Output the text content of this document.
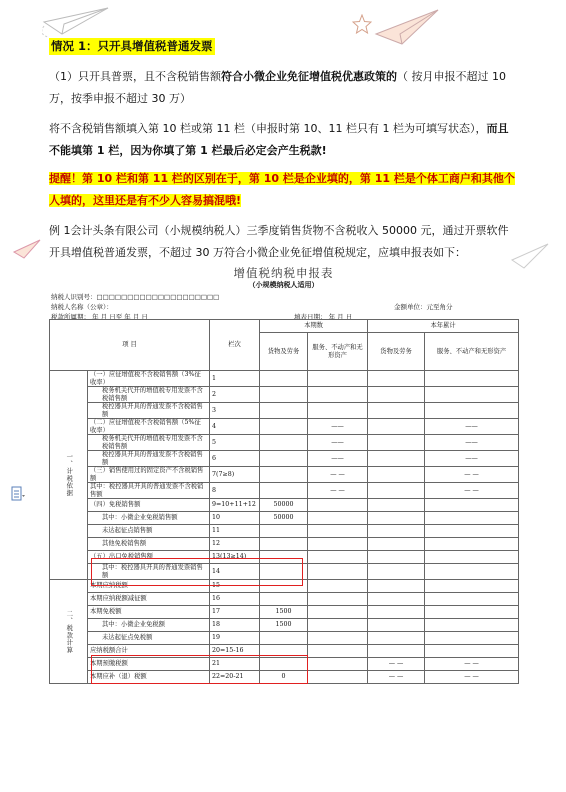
情况 1：只开具增值税普通发票
（1）只开具普票，且不含税销售额符合小微企业免征增值税优惠政策的（ 按月申报不超过 10 万，按季申报不超过 30 万）
将不含税销售额填入第 10 栏或第 11 栏（申报时第 10、11 栏只有 1 栏为可填写状态），而且不能填第 1 栏，因为你填了第 1 栏最后必定会产生税款!
提醒！第 10 栏和第 11 栏的区别在于，第 10 栏是企业填的，第 11 栏是个体工商户和其他个人填的，这里还是有不少人容易搞混哦!
例 1会计头条有限公司（小规模纳税人）三季度销售货物不含税收入 50000 元，通过开票软件开具增值税普通发票，不超过 30 万符合小微企业免征增值税规定，应填申报表如下：
增值税纳税申报表
（小规模纳税人适用）
纳税人识别号：□□□□□□□□□□□□□□□□□□□□
纳税人名称（公章）：	金额单位：元至角分
税款所属期： 年 月 日至 年 月 日	填表日期： 年 月 日
项 目		栏次	本期数		本年累计	
			货物及劳务	服务、不动产和无形资产	货物及劳务	服务、不动产和无形资产
一、计税依据	（一）应征增值税不含税销售额（3%征收率）	1				
	税务机关代开的增值税专用发票不含税销售额	2				
	税控器具开具的普通发票不含税销售额	3				
	（二）应征增值税不含税销售额（5%征收率）	4		——		——
	税务机关代开的增值税专用发票不含税销售额	5		——		——
	税控器具开具的普通发票不含税销售额	6		——		——
	（三）销售使用过的固定资产不含税销售额	7(7≥8)		— —		— —
	其中：税控器具开具的普通发票不含税销售额	8		— —		— —
	（四）免税销售额	9=10+11+12	50000			
	其中：小微企业免税销售额	10	50000			
	未达起征点销售额	11				
	其他免税销售额	12				
	（五）出口免税销售额	13(13≥14)				
	其中：税控器具开具的普通发票销售额	14				
二、税款计算	本期应纳税额	15				
	本期应纳税额减征额	16				
	本期免税额	17	1500			
	其中：小微企业免税额	18	1500			
	未达起征点免税额	19				
	应纳税额合计	20=15-16				
	本期预缴税额	21			— —	— —
	本期应补（退）税额	22=20-21	0		— —	— —
